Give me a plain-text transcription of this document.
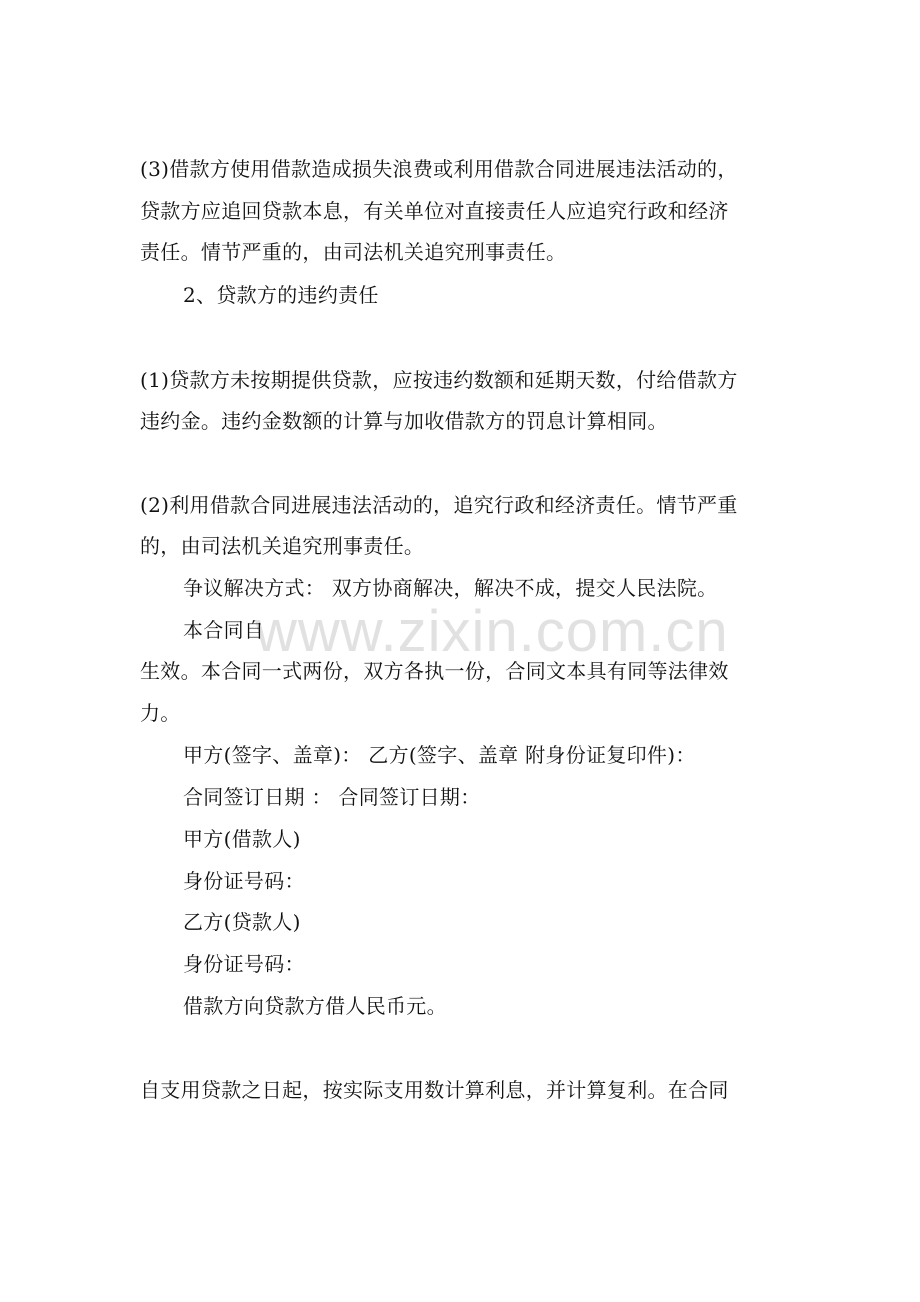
www.zixin.com.cn

(3)借款方使用借款造成损失浪费或利用借款合同进展违法活动的，

贷款方应追回贷款本息，有关单位对直接责任人应追究行政和经济

责任。情节严重的，由司法机关追究刑事责任。

2、贷款方的违约责任

(1)贷款方未按期提供贷款，应按违约数额和延期天数，付给借款方

违约金。违约金数额的计算与加收借款方的罚息计算相同。

(2)利用借款合同进展违法活动的，追究行政和经济责任。情节严重

的，由司法机关追究刑事责任。

争议解决方式： 双方协商解决，解决不成，提交人民法院。

本合同自

生效。本合同一式两份，双方各执一份，合同文本具有同等法律效

力。

甲方(签字、盖章)： 乙方(签字、盖章 附身份证复印件)：

合同签订日期 ： 合同签订日期：

甲方(借款人)

身份证号码：

乙方(贷款人)

身份证号码：

借款方向贷款方借人民币元。

自支用贷款之日起，按实际支用数计算利息，并计算复利。在合同
